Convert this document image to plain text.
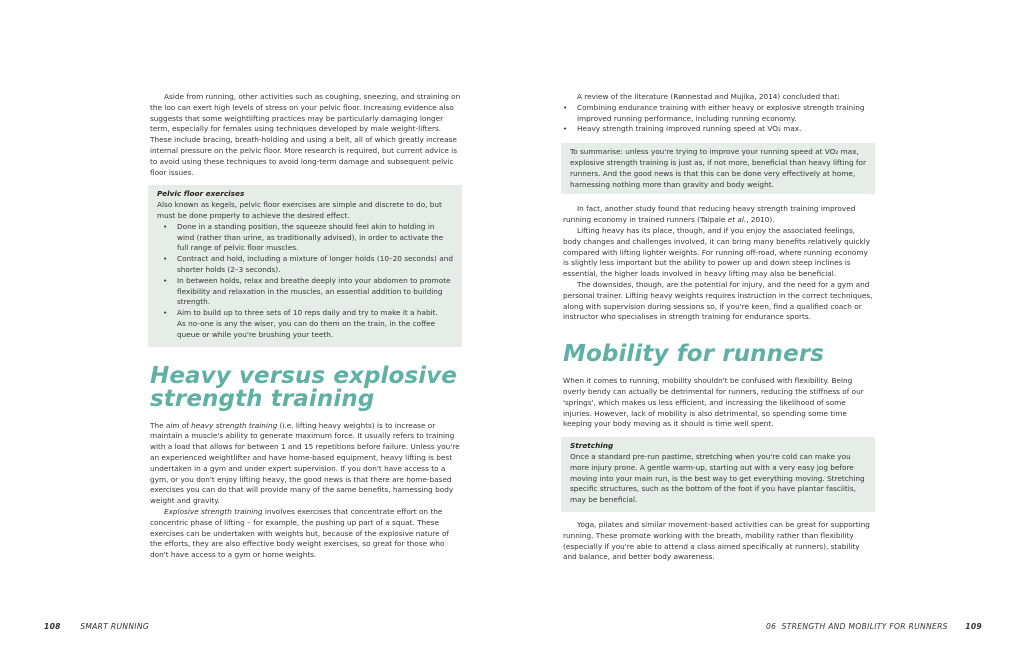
Aside from running, other activities such as coughing, sneezing, and straining on the loo can exert high levels of stress on your pelvic floor. Increasing evidence also suggests that some weightlifting practices may be particularly damaging longer term, especially for females using techniques developed by male weight-lifters. These include bracing, breath-holding and using a belt, all of which greatly increase internal pressure on the pelvic floor. More research is required, but current advice is to avoid using these techniques to avoid long-term damage and subsequent pelvic floor issues.

Pelvic floor exercises

Also known as kegels, pelvic floor exercises are simple and discrete to do, but must be done properly to achieve the desired effect.

• Done in a standing position, the squeeze should feel akin to holding in wind (rather than urine, as traditionally advised), in order to activate the full range of pelvic floor muscles.
• Contract and hold, including a mixture of longer holds (10–20 seconds) and shorter holds (2–3 seconds).
• In between holds, relax and breathe deeply into your abdomen to promote flexibility and relaxation in the muscles, an essential addition to building strength.
• Aim to build up to three sets of 10 reps daily and try to make it a habit.

As no-one is any the wiser, you can do them on the train, in the coffee queue or while you're brushing your teeth.

Heavy versus explosive strength training

The aim of heavy strength training (i.e. lifting heavy weights) is to increase or maintain a muscle's ability to generate maximum force. It usually refers to training with a load that allows for between 1 and 15 repetitions before failure. Unless you're an experienced weightlifter and have home-based equipment, heavy lifting is best undertaken in a gym and under expert supervision. If you don't have access to a gym, or you don't enjoy lifting heavy, the good news is that there are home-based exercises you can do that will provide many of the same benefits, harnessing body weight and gravity.

Explosive strength training involves exercises that concentrate effort on the concentric phase of lifting – for example, the pushing up part of a squat. These exercises can be undertaken with weights but, because of the explosive nature of the efforts, they are also effective body weight exercises, so great for those who don't have access to a gym or home weights.

A review of the literature (Rønnestad and Mujika, 2014) concluded that:

• Combining endurance training with either heavy or explosive strength training improved running performance, including running economy.
• Heavy strength training improved running speed at VO₂ max.

To summarise: unless you're trying to improve your running speed at VO₂ max, explosive strength training is just as, if not more, beneficial than heavy lifting for runners. And the good news is that this can be done very effectively at home, harnessing nothing more than gravity and body weight.

In fact, another study found that reducing heavy strength training improved running economy in trained runners (Taipale et al., 2010).

Lifting heavy has its place, though, and if you enjoy the associated feelings, body changes and challenges involved, it can bring many benefits relatively quickly compared with lifting lighter weights. For running off-road, where running economy is slightly less important but the ability to power up and down steep inclines is essential, the higher loads involved in heavy lifting may also be beneficial.

The downsides, though, are the potential for injury, and the need for a gym and personal trainer. Lifting heavy weights requires instruction in the correct techniques, along with supervision during sessions so, if you're keen, find a qualified coach or instructor who specialises in strength training for endurance sports.

Mobility for runners

When it comes to running, mobility shouldn't be confused with flexibility. Being overly bendy can actually be detrimental for runners, reducing the stiffness of our 'springs', which makes us less efficient, and increasing the likelihood of some injuries. However, lack of mobility is also detrimental, so spending some time keeping your body moving as it should is time well spent.

Stretching

Once a standard pre-run pastime, stretching when you're cold can make you more injury prone. A gentle warm-up, starting out with a very easy jog before moving into your main run, is the best way to get everything moving. Stretching specific structures, such as the bottom of the foot if you have plantar fasciitis, may be beneficial.

Yoga, pilates and similar movement-based activities can be great for supporting running. These promote working with the breath, mobility rather than flexibility (especially if you're able to attend a class aimed specifically at runners), stability and balance, and better body awareness.

108	SMART RUNNING	06  STRENGTH AND MOBILITY FOR RUNNERS 109
